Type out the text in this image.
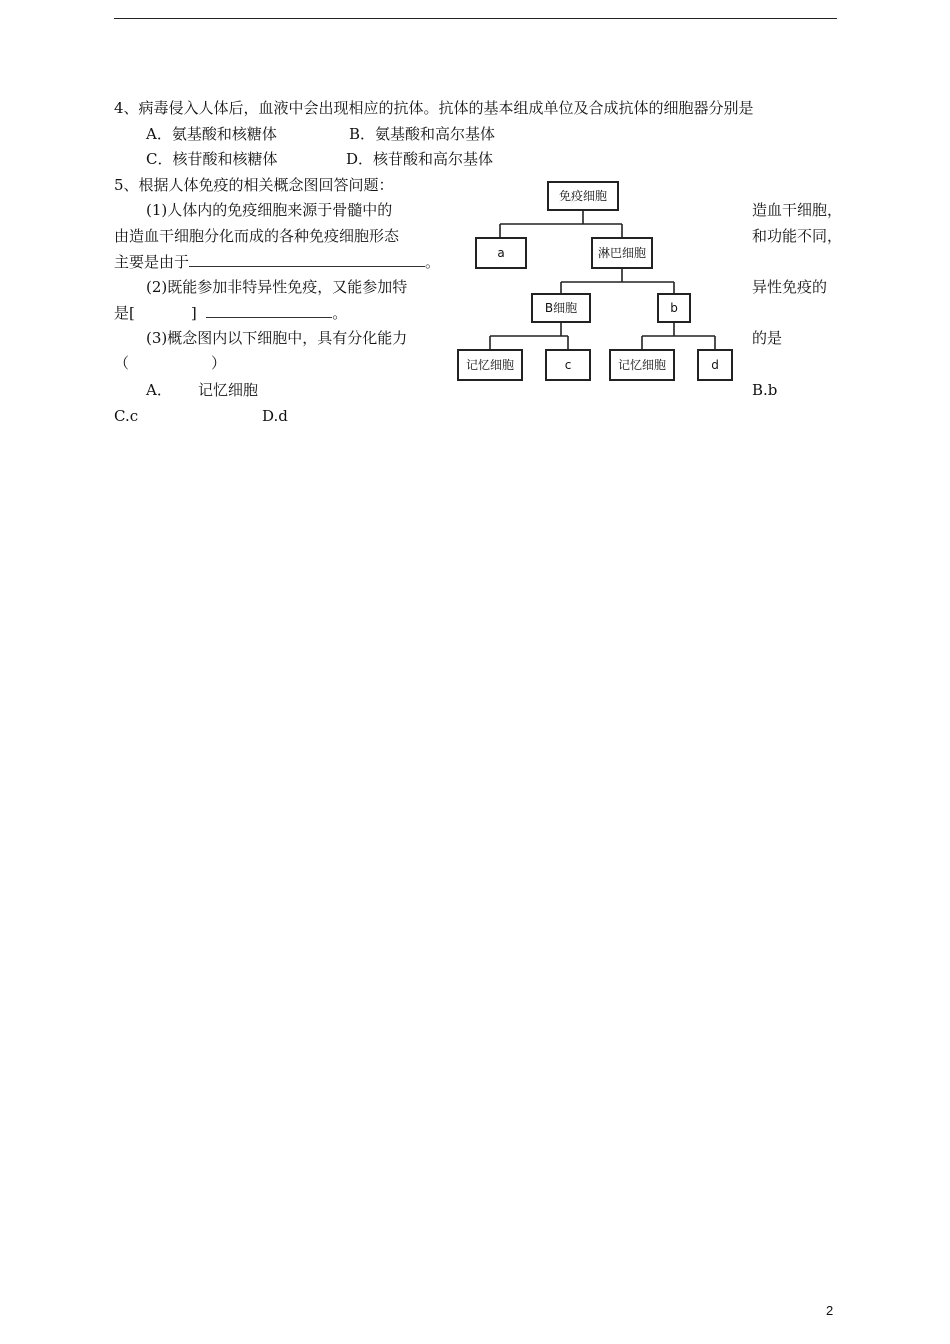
4、病毒侵入人体后，血液中会出现相应的抗体。抗体的基本组成单位及合成抗体的细胞器分别是
A．氨基酸和核糖体	B．氨基酸和高尔基体
C．核苷酸和核糖体	D．核苷酸和高尔基体
5、根据人体免疫的相关概念图回答问题：
(1)人体内的免疫细胞来源于骨髓中的	造血干细胞，
由造血干细胞分化而成的各种免疫细胞形态	和功能不同，
主要是由于	。
(2)既能参加非特异性免疫，又能参加特	异性免疫的
是[	]	。
(3)概念图内以下细胞中，具有分化能力	的是
（	）
A． 记忆细胞	B.b
C.c	D.d
免疫细胞
a	淋巴细胞
B细胞	b
记忆细胞	c	记忆细胞	d
2
